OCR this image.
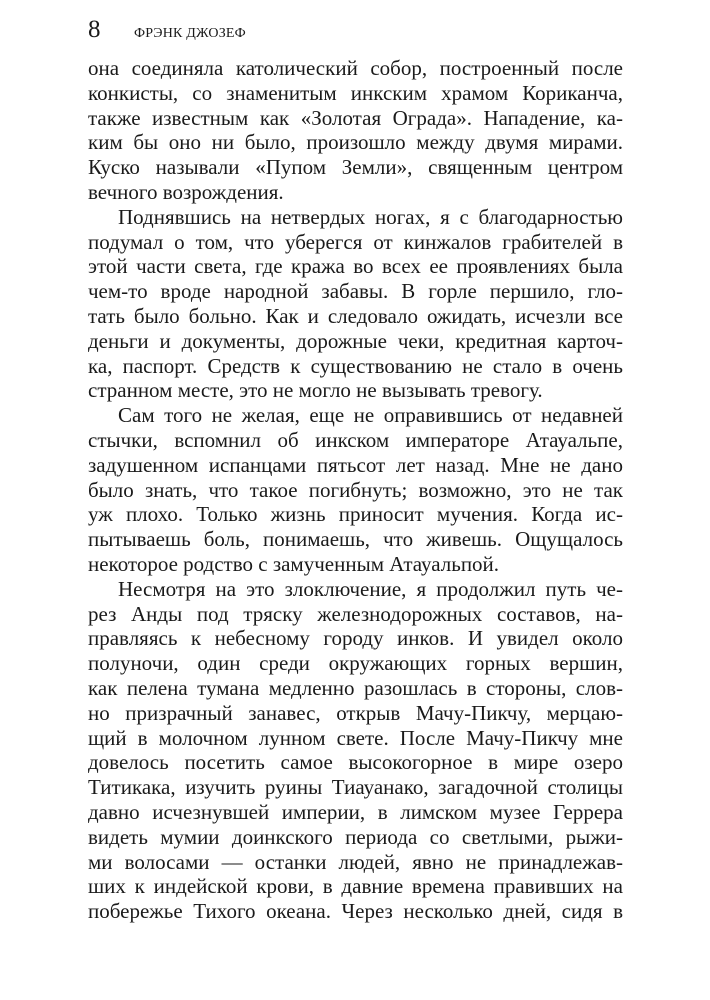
8	ФРЭНК ДЖОЗЕФ
она соединяла католический собор, построенный после
конкисты, со знаменитым инкским храмом Кориканча,
также известным как «Золотая Ограда». Нападение, ка-
ким бы оно ни было, произошло между двумя мирами.
Куско называли «Пупом Земли», священным центром
вечного возрождения.
Поднявшись на нетвердых ногах, я с благодарностью
подумал о том, что уберегся от кинжалов грабителей в
этой части света, где кража во всех ее проявлениях была
чем-то вроде народной забавы. В горле першило, гло-
тать было больно. Как и следовало ожидать, исчезли все
деньги и документы, дорожные чеки, кредитная карточ-
ка, паспорт. Средств к существованию не стало в очень
странном месте, это не могло не вызывать тревогу.
Сам того не желая, еще не оправившись от недавней
стычки, вспомнил об инкском императоре Атауальпе,
задушенном испанцами пятьсот лет назад. Мне не дано
было знать, что такое погибнуть; возможно, это не так
уж плохо. Только жизнь приносит мучения. Когда ис-
пытываешь боль, понимаешь, что живешь. Ощущалось
некоторое родство с замученным Атауальпой.
Несмотря на это злоключение, я продолжил путь че-
рез Анды под тряску железнодорожных составов, на-
правляясь к небесному городу инков. И увидел около
полуночи, один среди окружающих горных вершин,
как пелена тумана медленно разошлась в стороны, слов-
но призрачный занавес, открыв Мачу-Пикчу, мерцаю-
щий в молочном лунном свете. После Мачу-Пикчу мне
довелось посетить самое высокогорное в мире озеро
Титикака, изучить руины Тиауанако, загадочной столицы
давно исчезнувшей империи, в лимском музее Геррера
видеть мумии доинкского периода со светлыми, рыжи-
ми волосами — останки людей, явно не принадлежав-
ших к индейской крови, в давние времена правивших на
побережье Тихого океана. Через несколько дней, сидя в
